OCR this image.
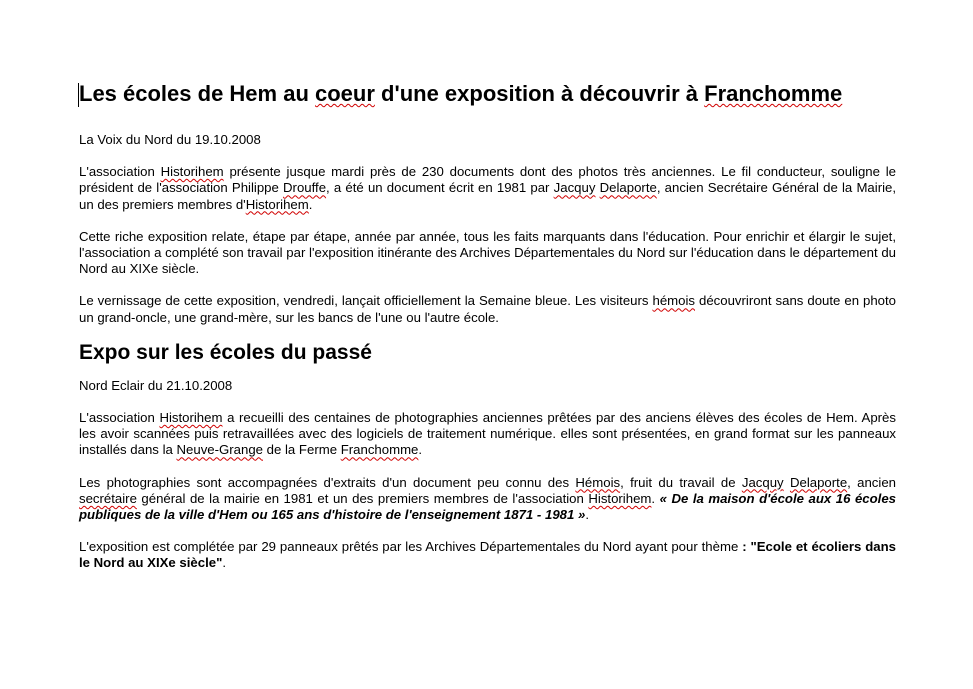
Les écoles de Hem au coeur d'une exposition à découvrir à Franchomme

La Voix du Nord du 19.10.2008

L'association Historihem présente jusque mardi près de 230 documents dont des photos très anciennes. Le fil conducteur, souligne le président de l'association Philippe Drouffe, a été un document écrit en 1981 par Jacquy Delaporte, ancien Secrétaire Général de la Mairie, un des premiers membres d'Historihem.

Cette riche exposition relate, étape par étape, année par année, tous les faits marquants dans l'éducation. Pour enrichir et élargir le sujet, l'association a complété son travail par l'exposition itinérante des Archives Départementales du Nord sur l'éducation dans le département du Nord au XIXe siècle.

Le vernissage de cette exposition, vendredi, lançait officiellement la Semaine bleue. Les visiteurs hémois découvriront sans doute en photo un grand-oncle, une grand-mère, sur les bancs de l'une ou l'autre école.

Expo sur les écoles du passé

Nord Eclair du 21.10.2008

L'association Historihem a recueilli des centaines de photographies anciennes prêtées par des anciens élèves des écoles de Hem. Après les avoir scannées puis retravaillées avec des logiciels de traitement numérique. elles sont présentées, en grand format sur les panneaux installés dans la Neuve-Grange de la Ferme Franchomme.

Les photographies sont accompagnées d'extraits d'un document peu connu des Hémois, fruit du travail de Jacquy Delaporte, ancien secrétaire général de la mairie en 1981 et un des premiers membres de l'association Historihem. « De la maison d'école aux 16 écoles publiques de la ville d'Hem ou 165 ans d'histoire de l'enseignement 1871 - 1981 ».

L'exposition est complétée par 29 panneaux prêtés par les Archives Départementales du Nord ayant pour thème : "Ecole et écoliers dans le Nord au XIXe siècle".
